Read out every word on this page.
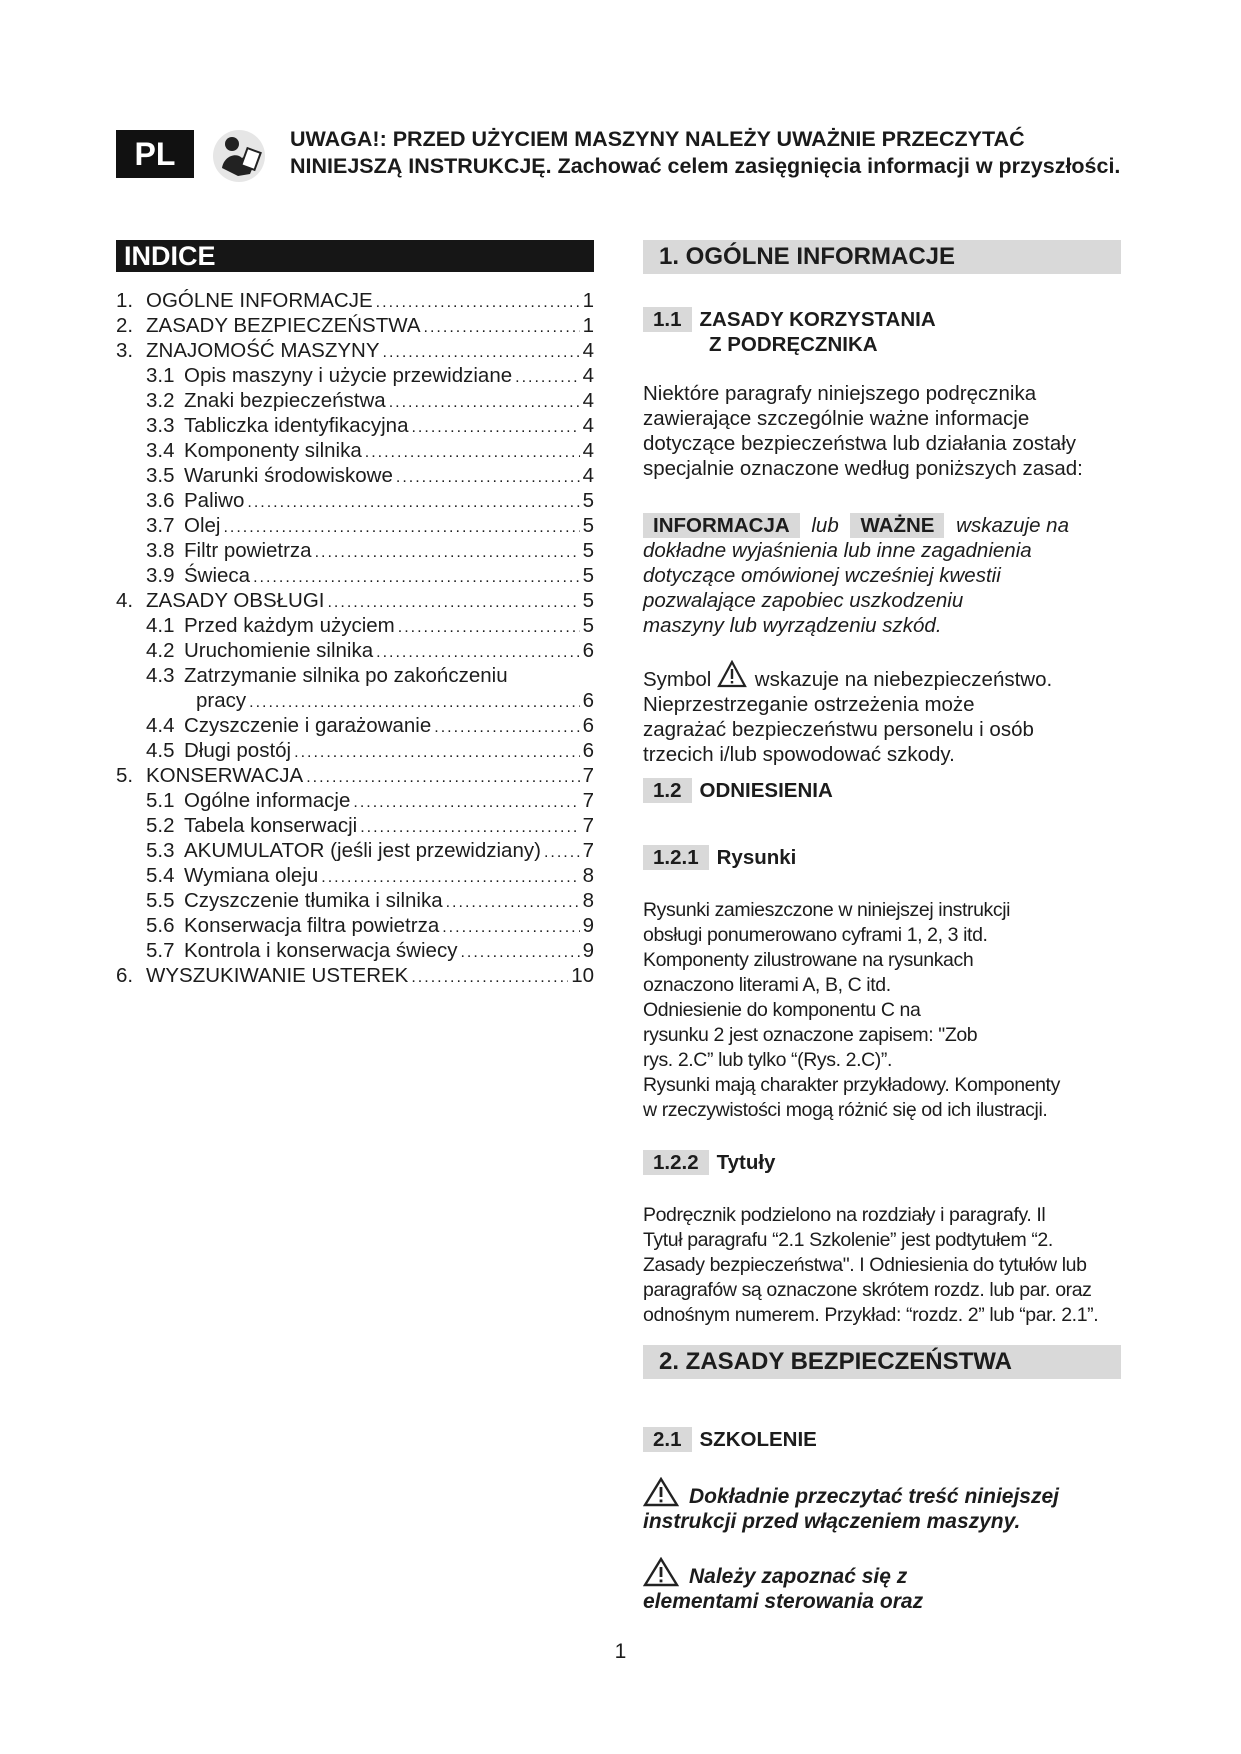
PL	UWAGA!: PRZED UŻYCIEM MASZYNY NALEŻY UWAŻNIE PRZECZYTAĆ
NINIEJSZĄ INSTRUKCJĘ. Zachować celem zasięgnięcia informacji w przyszłości.
INDICE
1. OGÓLNE INFORMACJE .....	1
2. ZASADY BEZPIECZEŃSTWA .....	1
3. ZNAJOMOŚĆ MASZYNY .....	4
3.1 Opis maszyny i użycie przewidziane .....	4
3.2 Znaki bezpieczeństwa .....	4
3.3 Tabliczka identyfikacyjna .....	4
3.4 Komponenty silnika .....	4
3.5 Warunki środowiskowe .....	4
3.6 Paliwo .....	5
3.7 Olej .....	5
3.8 Filtr powietrza .....	5
3.9 Świeca .....	5
4. ZASADY OBSŁUGI .....	5
4.1 Przed każdym użyciem .....	5
4.2 Uruchomienie silnika .....	6
4.3 Zatrzymanie silnika po zakończeniu
pracy .....	6
4.4 Czyszczenie i garażowanie .....	6
4.5 Długi postój .....	6
5. KONSERWACJA .....	7
5.1 Ogólne informacje .....	7
5.2 Tabela konserwacji .....	7
5.3 AKUMULATOR (jeśli jest przewidziany) ..... 7
5.4 Wymiana oleju .....	8
5.5 Czyszczenie tłumika i silnika .....	8
5.6 Konserwacja filtra powietrza .....	9
5.7 Kontrola i konserwacja świecy .....	9
6. WYSZUKIWANIE USTEREK .....	10
1. OGÓLNE INFORMACJE
1.1 ZASADY KORZYSTANIA
Z PODRĘCZNIKA
Niektóre paragrafy niniejszego podręcznika
zawierające szczególnie ważne informacje
dotyczące bezpieczeństwa lub działania zostały
specjalnie oznaczone według poniższych zasad:
INFORMACJA lub WAŻNE wskazuje na
dokładne wyjaśnienia lub inne zagadnienia
dotyczące omówionej wcześniej kwestii
pozwalające zapobiec uszkodzeniu
maszyny lub wyrządzeniu szkód.
Symbol wskazuje na niebezpieczeństwo.
Nieprzestrzeganie ostrzeżenia może
zagrażać bezpieczeństwu personelu i osób
trzecich i/lub spowodować szkody.
1.2 ODNIESIENIA
1.2.1 Rysunki
Rysunki zamieszczone w niniejszej instrukcji
obsługi ponumerowano cyframi 1, 2, 3 itd.
Komponenty zilustrowane na rysunkach
oznaczono literami A, B, C itd.
Odniesienie do komponentu C na
rysunku 2 jest oznaczone zapisem: "Zob
rys. 2.C” lub tylko “(Rys. 2.C)”.
Rysunki mają charakter przykładowy. Komponenty
w rzeczywistości mogą różnić się od ich ilustracji.
1.2.2 Tytuły
Podręcznik podzielono na rozdziały i paragrafy. Il
Tytuł paragrafu “2.1 Szkolenie” jest podtytułem “2.
Zasady bezpieczeństwa". I Odniesienia do tytułów lub
paragrafów są oznaczone skrótem rozdz. lub par. oraz
odnośnym numerem. Przykład: “rozdz. 2” lub “par. 2.1”.
2. ZASADY BEZPIECZEŃSTWA
2.1 SZKOLENIE
Dokładnie przeczytać treść niniejszej
instrukcji przed włączeniem maszyny.
Należy zapoznać się z
elementami sterowania oraz
1
